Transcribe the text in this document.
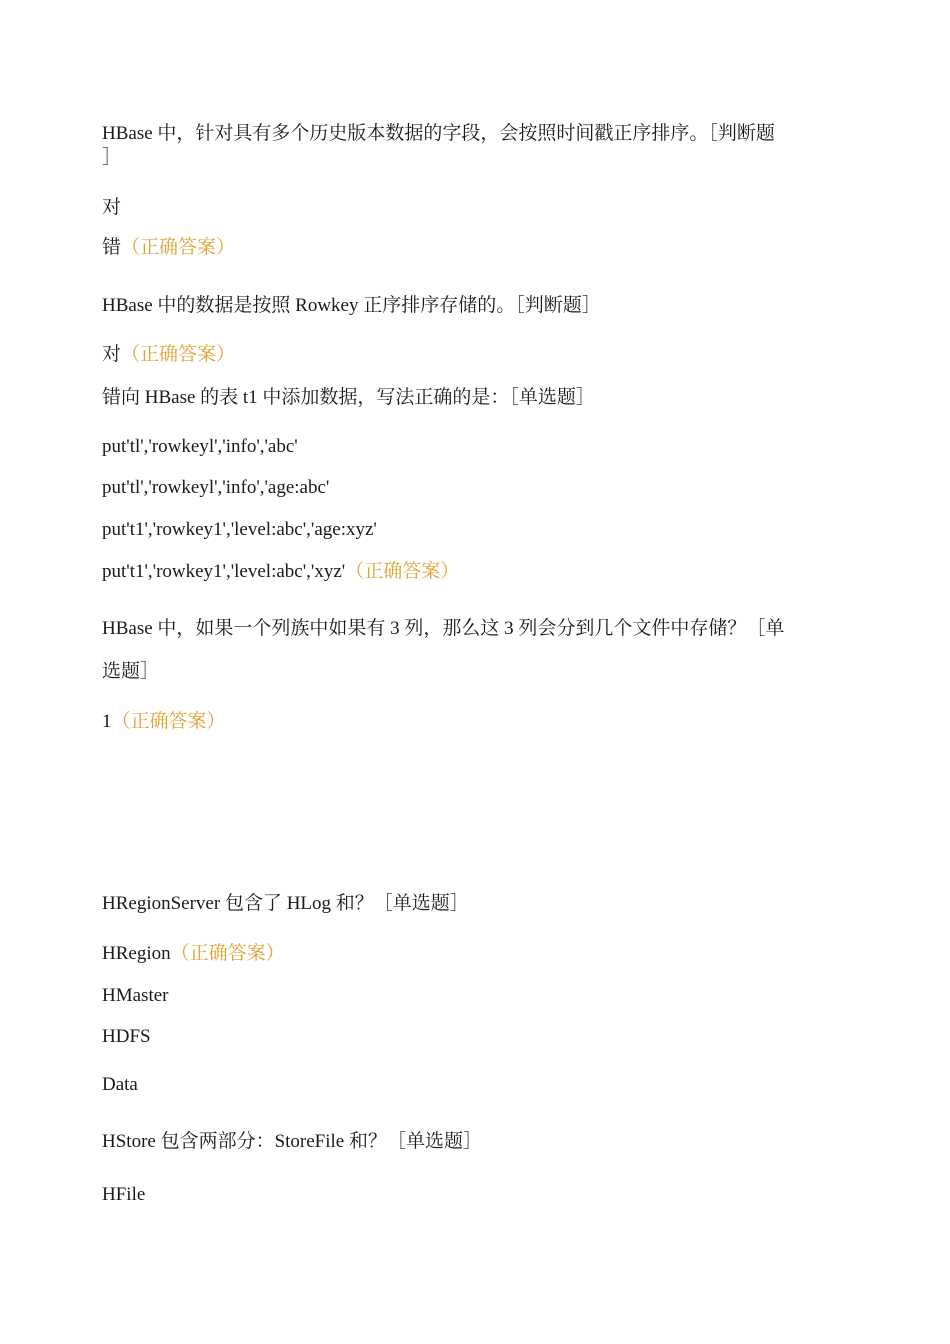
HBase 中，针对具有多个历史版本数据的字段，会按照时间戳正序排序。［判断题
］
对
错（正确答案）
HBase 中的数据是按照 Rowkey 正序排序存储的。［判断题］
对（正确答案）
错向 HBase 的表 t1 中添加数据，写法正确的是：［单选题］
put'tl','rowkeyl','info','abc'
put'tl','rowkeyl','info','age:abc'
put't1','rowkey1','level:abc','age:xyz'
put't1','rowkey1','level:abc','xyz'（正确答案）
HBase 中，如果一个列族中如果有 3 列，那么这 3 列会分到几个文件中存储？［单
选题］
1（正确答案）
HRegionServer 包含了 HLog 和？［单选题］
HRegion（正确答案）
HMaster
HDFS
Data
HStore 包含两部分：StoreFile 和？［单选题］
HFile
